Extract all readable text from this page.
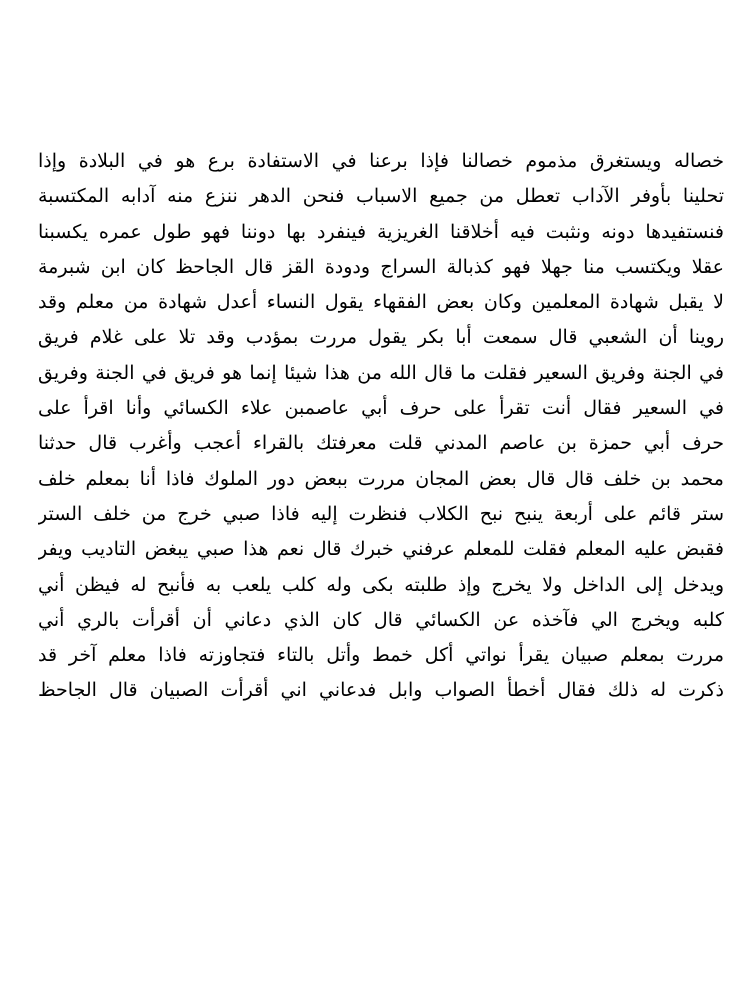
خصاله ويستغرق مذموم خصالنا فإذا برعنا في الاستفادة برع هو في البلادة وإذا
تحلينا بأوفر الآداب تعطل من جميع الاسباب فنحن الدهر ننزع منه آدابه المكتسبة
فنستفيدها دونه ونثبت فيه أخلاقنا الغريزية فينفرد بها دوننا فهو طول عمره يكسبنا
عقلا ويكتسب منا جهلا فهو كذبالة السراج ودودة القز قال الجاحظ كان ابن شبرمة
لا يقبل شهادة المعلمين وكان بعض الفقهاء يقول النساء أعدل شهادة من معلم وقد
روينا أن الشعبي قال سمعت أبا بكر يقول مررت بمؤدب وقد تلا على غلام فريق
في الجنة وفريق السعير فقلت ما قال الله من هذا شيئا إنما هو فريق في الجنة وفريق
في السعير فقال أنت تقرأ على حرف أبي عاصمبن علاء الكسائي وأنا اقرأ على
حرف أبي حمزة بن عاصم المدني قلت معرفتك بالقراء أعجب وأغرب قال حدثنا
محمد بن خلف قال قال بعض المجان مررت ببعض دور الملوك فاذا أنا بمعلم خلف
ستر قائم على أربعة ينبح نبح الكلاب فنظرت إليه فاذا صبي خرج من خلف الستر
فقبض عليه المعلم فقلت للمعلم عرفني خبرك قال نعم هذا صبي يبغض التاديب ويفر
ويدخل إلى الداخل ولا يخرج وإذ طلبته بكى وله كلب يلعب به فأنبح له فيظن أني
كلبه ويخرج الي فآخذه عن الكسائي قال كان الذي دعاني أن أقرأت بالري أني
مررت بمعلم صبيان يقرأ نواتي أكل خمط وأتل بالتاء فتجاوزته فاذا معلم آخر قد
ذكرت له ذلك فقال أخطأ الصواب وابل فدعاني اني أقرأت الصبيان قال الجاحظ
